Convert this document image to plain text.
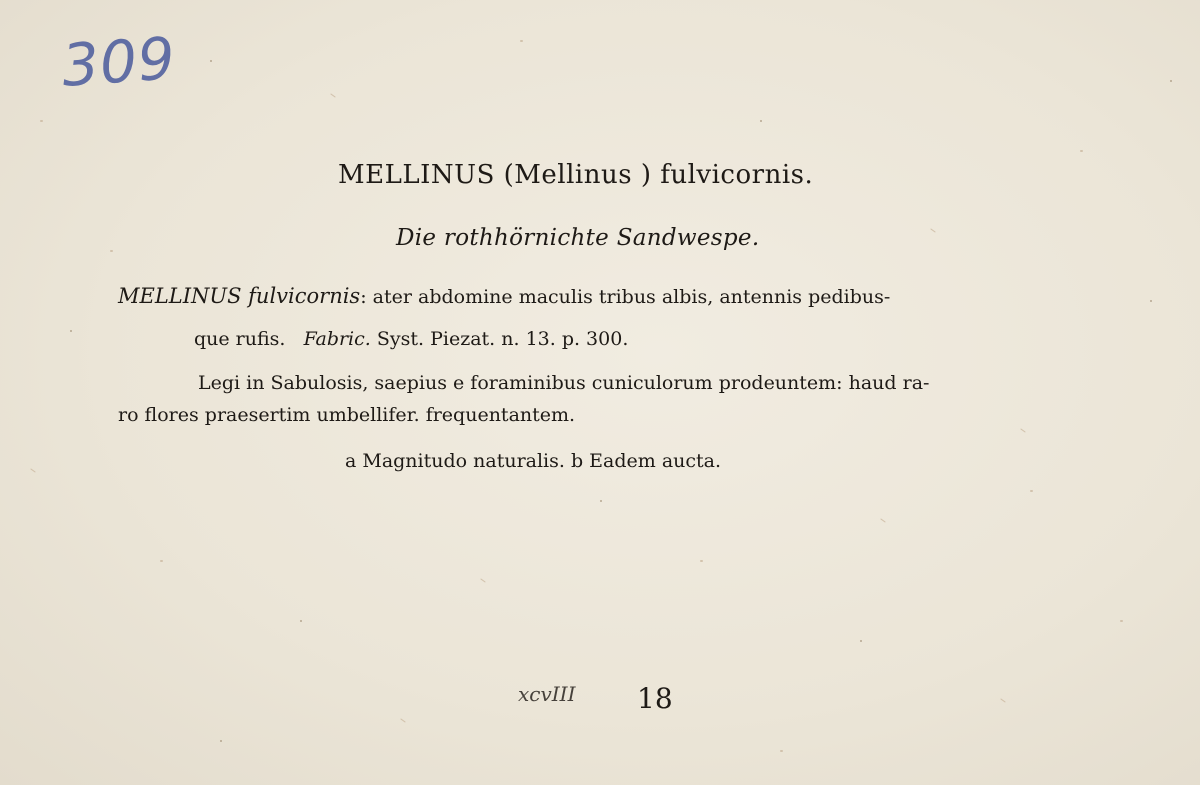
309
MELLINUS (Mellinus ) fulvicornis.
Die rothhörnichte Sandwespe.
MELLINUS fulvicornis: ater abdomine maculis tribus albis, antennis pedibus-
que rufis. Fabric. Syst. Piezat. n. 13. p. 300.
Legi in Sabulosis, saepius e foraminibus cuniculorum prodeuntem: haud ra-
ro flores praesertim umbellifer. frequentantem.
a Magnitudo naturalis. b Eadem aucta.
xcvIII 18
